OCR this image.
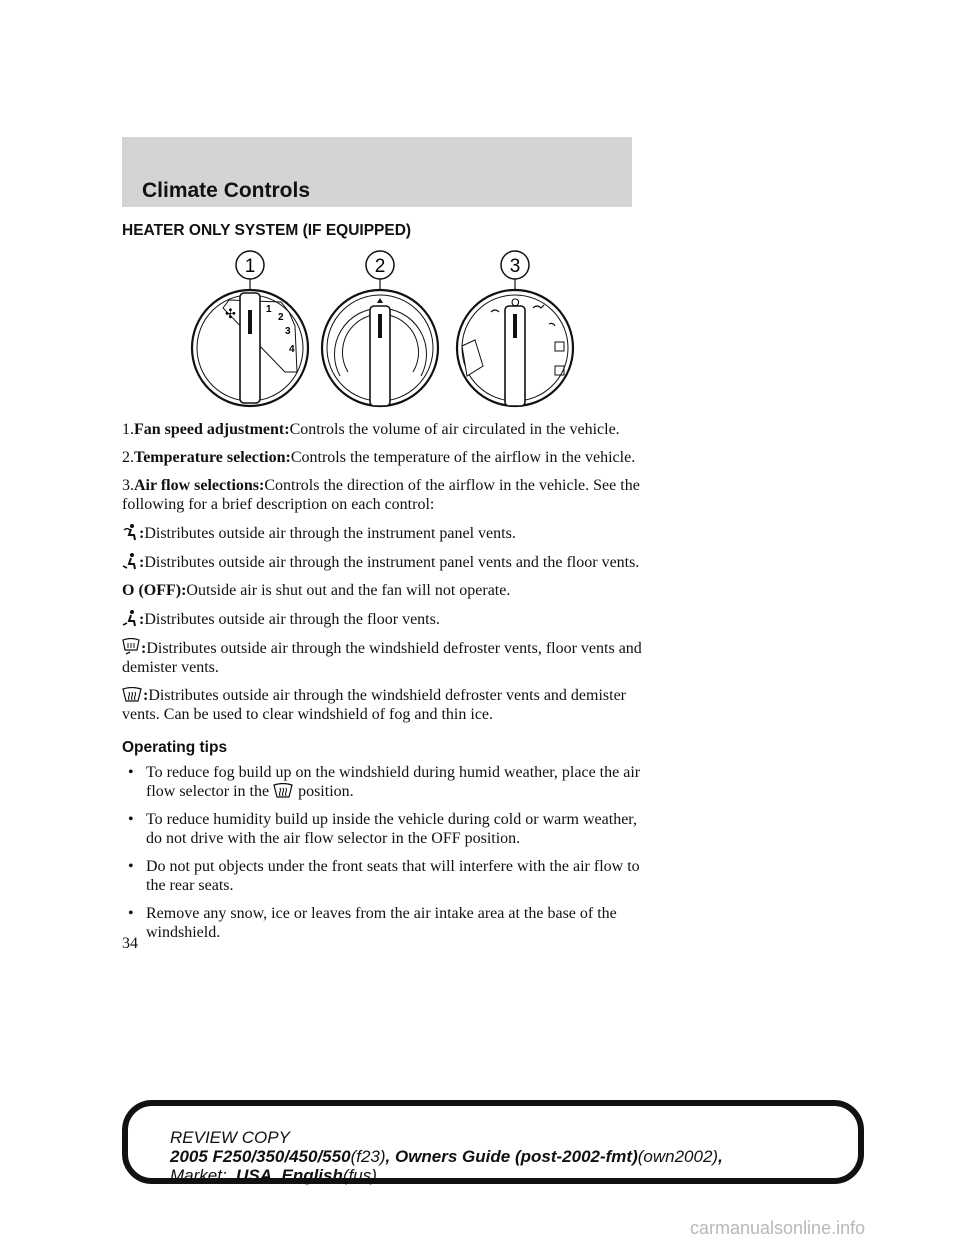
Climate Controls
HEATER ONLY SYSTEM (IF EQUIPPED)
1	2	3
✣	1
2
3
4
O

1.Fan speed adjustment:Controls the volume of air circulated in the vehicle.

2.Temperature selection:Controls the temperature of the airflow in the vehicle.

3.Air flow selections:Controls the direction of the airflow in the vehicle. See the following for a brief description on each control:

:Distributes outside air through the instrument panel vents.

:Distributes outside air through the instrument panel vents and the floor vents.

O (OFF):Outside air is shut out and the fan will not operate.

:Distributes outside air through the floor vents.

:Distributes outside air through the windshield defroster vents, floor vents and demister vents.

:Distributes outside air through the windshield defroster vents and demister vents. Can be used to clear windshield of fog and thin ice.

Operating tips
• To reduce fog build up on the windshield during humid weather, place the air flow selector in the position.
• To reduce humidity build up inside the vehicle during cold or warm weather, do not drive with the air flow selector in the OFF position.
• Do not put objects under the front seats that will interfere with the air flow to the rear seats.
• Remove any snow, ice or leaves from the air intake area at the base of the windshield.
34
REVIEW COPY
2005 F250/350/450/550(f23), Owners Guide (post-2002-fmt)(own2002),
Market:  USA_English(fus)
carmanualsonline.info
